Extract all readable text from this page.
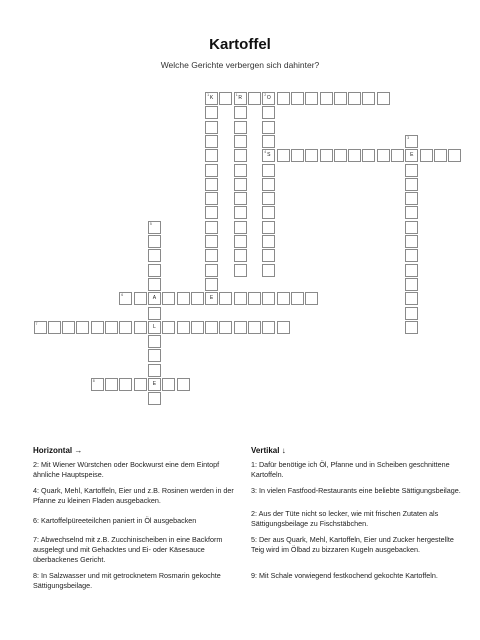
Kartoffel
Welche Gerichte verbergen sich dahinter?
1 K	1 R	2 O
4 S	E
6	A	E
7	L
8	E
3
5
Horizontal →	Vertikal ↓
2: Mit Wiener Würstchen oder Bockwurst eine dem Eintopf ähnliche Hauptspeise.
4: Quark, Mehl, Kartoffeln, Eier und z.B. Rosinen werden in der Pfanne zu kleinen Fladen ausgebacken.
6: Kartoffelpüreeteilchen paniert in Öl ausgebacken
7: Abwechselnd mit z.B. Zucchinischeiben in eine Backform ausgelegt und mit Gehacktes und Ei- oder Käsesauce überbackenes Gericht.
8: In Salzwasser und mit getrocknetem Rosmarin gekochte Sättigungsbeilage.
1: Dafür benötige ich Öl, Pfanne und in Scheiben geschnittene Kartoffeln.
3: In vielen Fastfood-Restaurants eine beliebte Sättigungsbeilage.
2: Aus der Tüte nicht so lecker, wie mit frischen Zutaten als Sättigungsbeilage zu Fischstäbchen.
5: Der aus Quark, Mehl, Kartoffeln, Eier und Zucker hergestellte Teig wird im Ölbad zu bizzaren Kugeln ausgebacken.
9: Mit Schale vorwiegend festkochend gekochte Kartoffeln.
